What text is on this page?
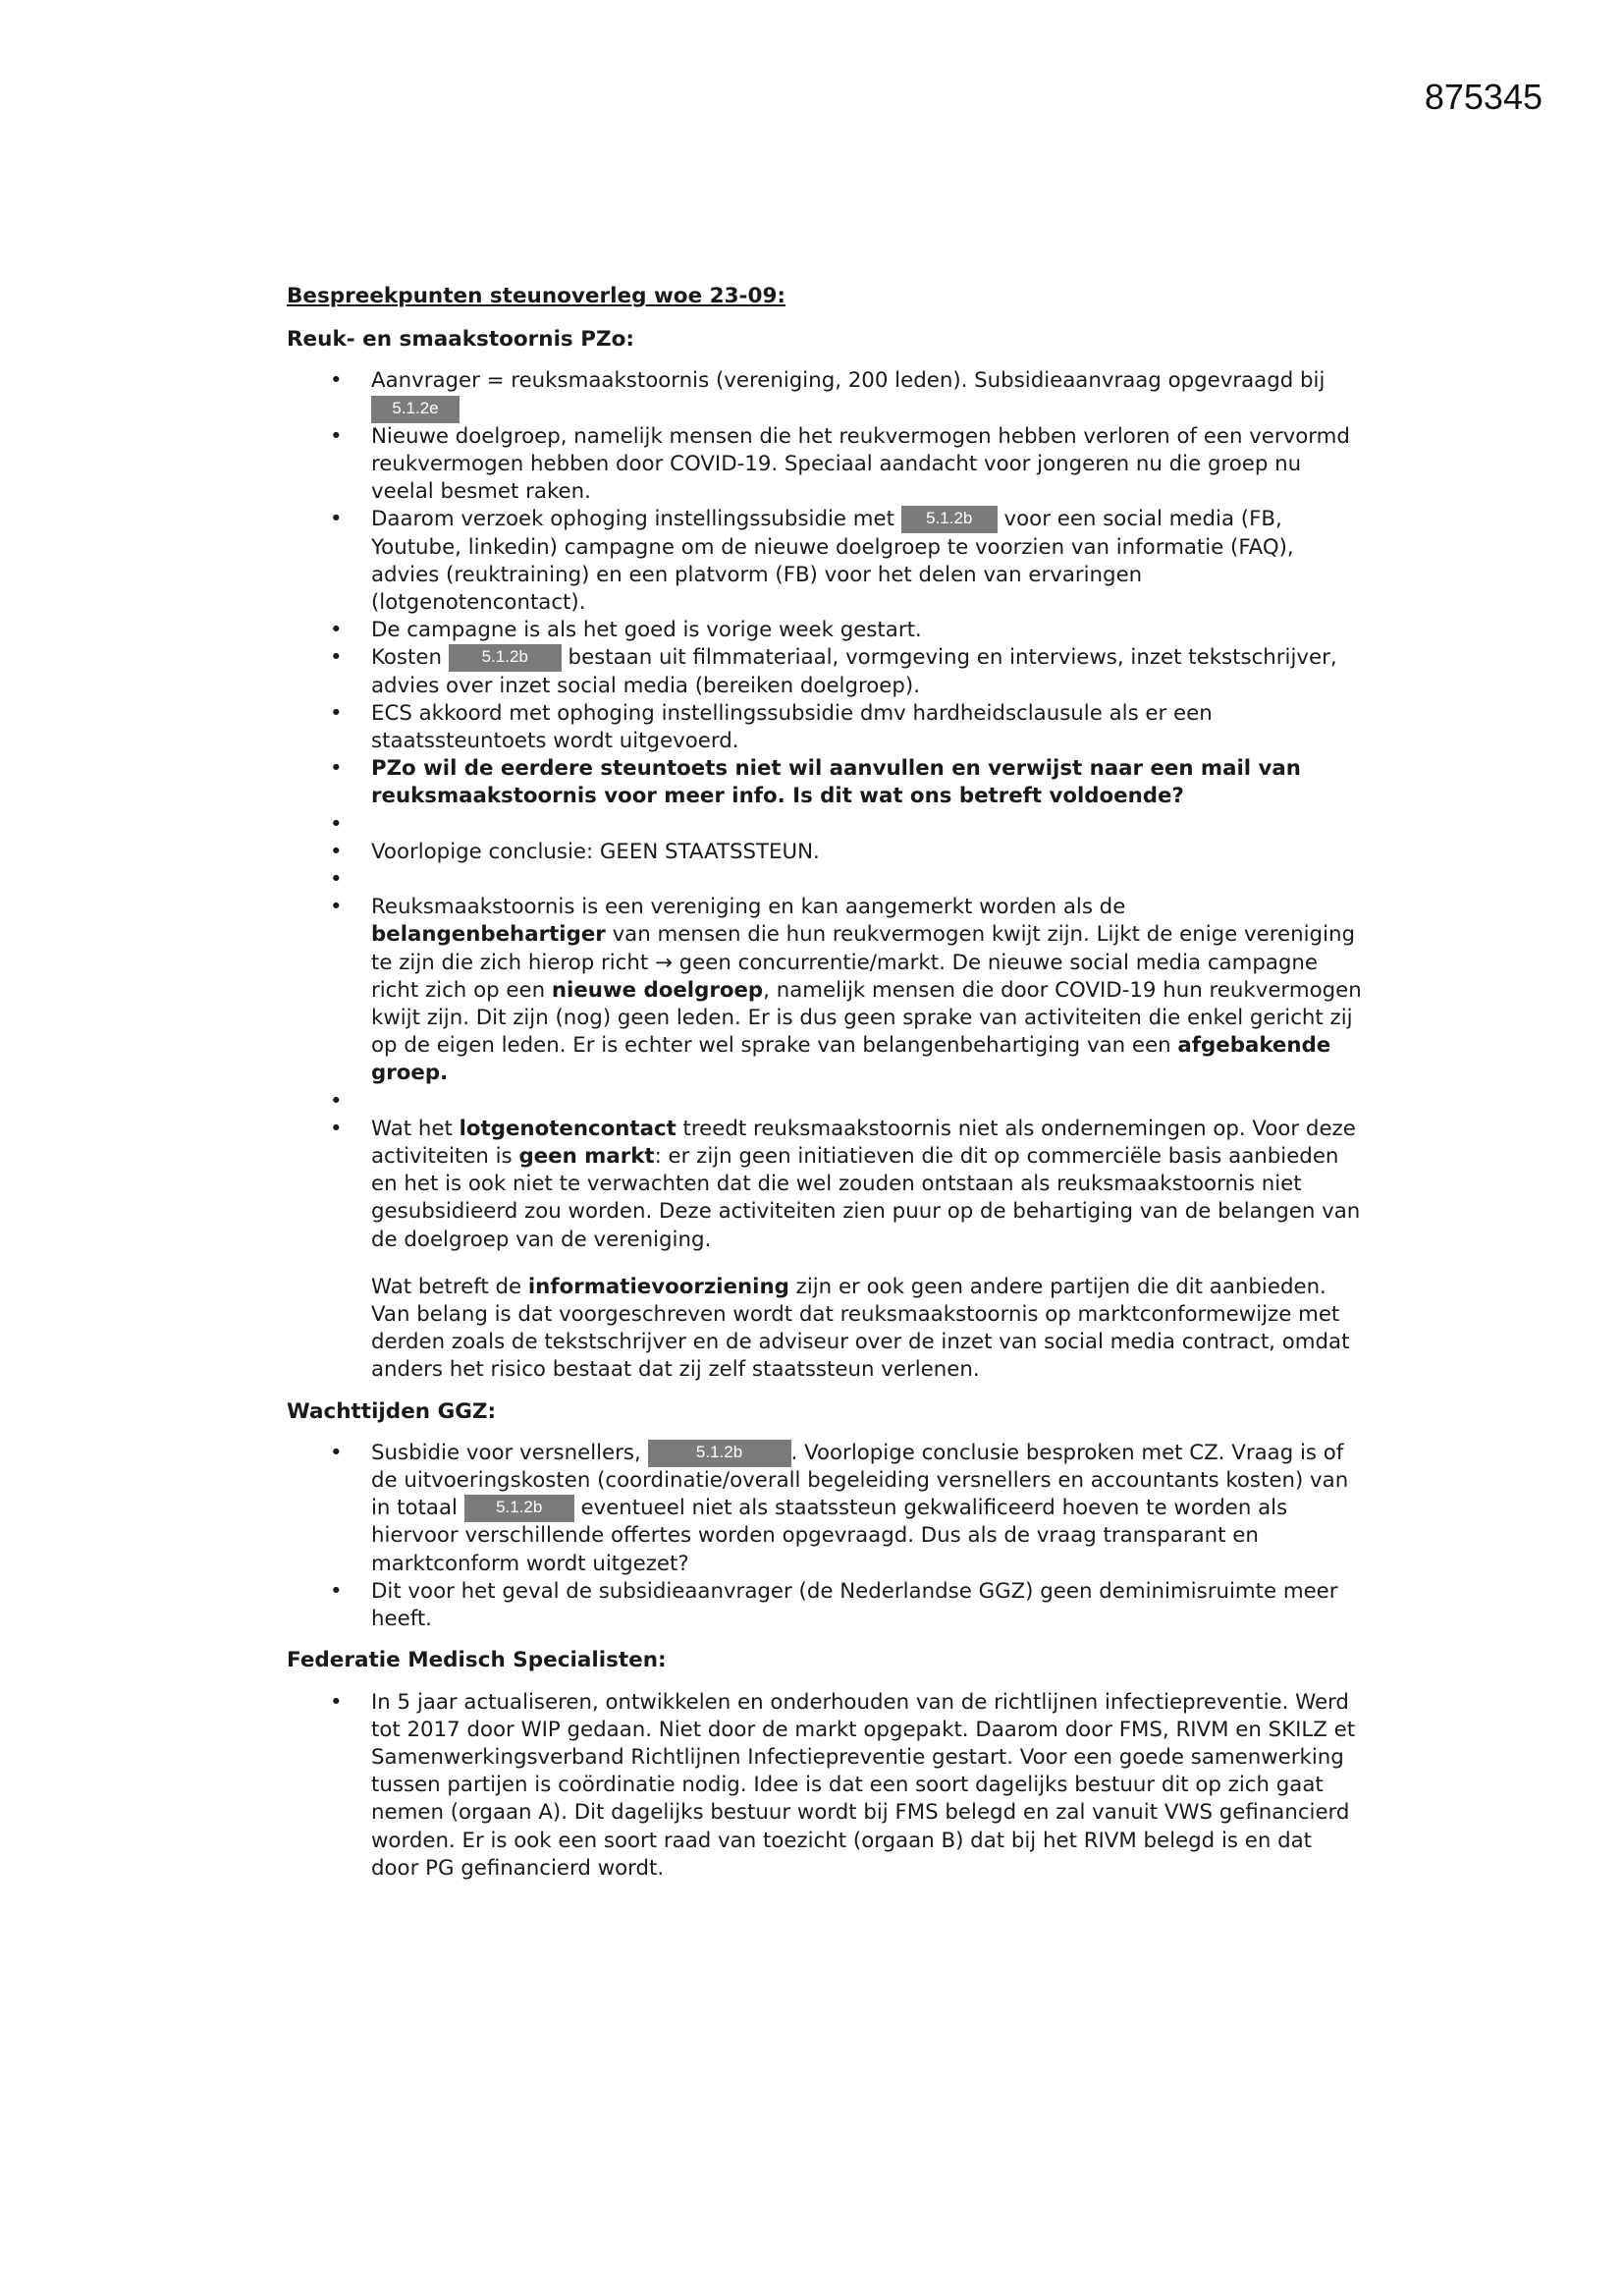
875345
Bespreekpunten steunoverleg woe 23-09:
Reuk- en smaakstoornis PZo:
• Aanvrager = reuksmaakstoornis (vereniging, 200 leden). Subsidieaanvraag opgevraagd bij
5.1.2e
• Nieuwe doelgroep, namelijk mensen die het reukvermogen hebben verloren of een vervormd reukvermogen hebben door COVID-19. Speciaal aandacht voor jongeren nu die groep nu veelal besmet raken.
• Daarom verzoek ophoging instellingssubsidie met 5.1.2b voor een social media (FB, Youtube, linkedin) campagne om de nieuwe doelgroep te voorzien van informatie (FAQ), advies (reuktraining) en een platvorm (FB) voor het delen van ervaringen (lotgenotencontact).
• De campagne is als het goed is vorige week gestart.
• Kosten 5.1.2b bestaan uit filmmateriaal, vormgeving en interviews, inzet tekstschrijver, advies over inzet social media (bereiken doelgroep).
• ECS akkoord met ophoging instellingssubsidie dmv hardheidsclausule als er een staatssteuntoets wordt uitgevoerd.
• PZo wil de eerdere steuntoets niet wil aanvullen en verwijst naar een mail van reuksmaakstoornis voor meer info. Is dit wat ons betreft voldoende?
•
• Voorlopige conclusie: GEEN STAATSSTEUN.
•
• Reuksmaakstoornis is een vereniging en kan aangemerkt worden als de belangenbehartiger van mensen die hun reukvermogen kwijt zijn. Lijkt de enige vereniging te zijn die zich hierop richt → geen concurrentie/markt. De nieuwe social media campagne richt zich op een nieuwe doelgroep, namelijk mensen die door COVID-19 hun reukvermogen kwijt zijn. Dit zijn (nog) geen leden. Er is dus geen sprake van activiteiten die enkel gericht zij op de eigen leden. Er is echter wel sprake van belangenbehartiging van een afgebakende groep.
•
• Wat het lotgenotencontact treedt reuksmaakstoornis niet als ondernemingen op. Voor deze activiteiten is geen markt: er zijn geen initiatieven die dit op commerciële basis aanbieden en het is ook niet te verwachten dat die wel zouden ontstaan als reuksmaakstoornis niet gesubsidieerd zou worden. Deze activiteiten zien puur op de behartiging van de belangen van de doelgroep van de vereniging.
Wat betreft de informatievoorziening zijn er ook geen andere partijen die dit aanbieden. Van belang is dat voorgeschreven wordt dat reuksmaakstoornis op marktconformewijze met derden zoals de tekstschrijver en de adviseur over de inzet van social media contract, omdat anders het risico bestaat dat zij zelf staatssteun verlenen.
Wachttijden GGZ:
• Susbidie voor versnellers,	5.1.2b . Voorlopige conclusie besproken met CZ. Vraag is of de uitvoeringskosten (coordinatie/overall begeleiding versnellers en accountants kosten) van in totaal 5.1.2b eventueel niet als staatssteun gekwalificeerd hoeven te worden als hiervoor verschillende offertes worden opgevraagd. Dus als de vraag transparant en marktconform wordt uitgezet?
• Dit voor het geval de subsidieaanvrager (de Nederlandse GGZ) geen deminimisruimte meer heeft.
Federatie Medisch Specialisten:
• In 5 jaar actualiseren, ontwikkelen en onderhouden van de richtlijnen infectiepreventie. Werd tot 2017 door WIP gedaan. Niet door de markt opgepakt. Daarom door FMS, RIVM en SKILZ et Samenwerkingsverband Richtlijnen Infectiepreventie gestart. Voor een goede samenwerking tussen partijen is coördinatie nodig. Idee is dat een soort dagelijks bestuur dit op zich gaat nemen (orgaan A). Dit dagelijks bestuur wordt bij FMS belegd en zal vanuit VWS gefinancierd worden. Er is ook een soort raad van toezicht (orgaan B) dat bij het RIVM belegd is en dat door PG gefinancierd wordt.
